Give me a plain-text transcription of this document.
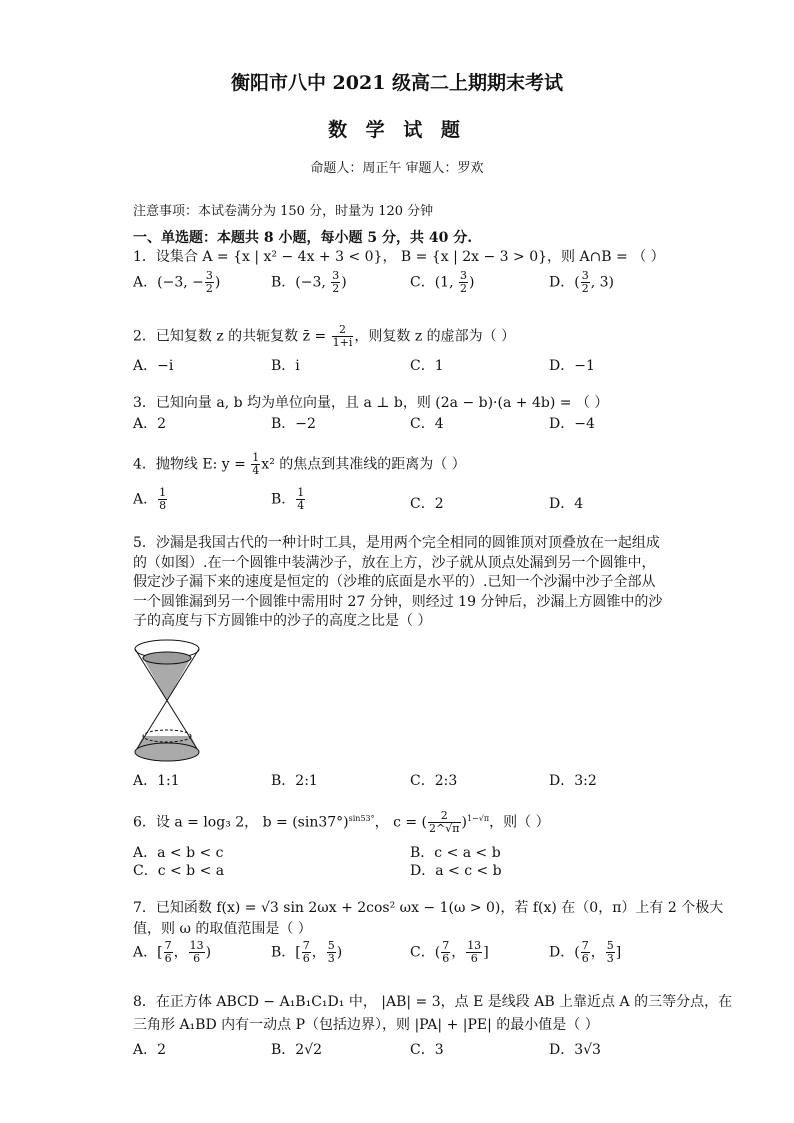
衡阳市八中 2021 级高二上期期末考试
数 学 试 题
命题人：周正午 审题人：罗欢
注意事项：本试卷满分为 150 分，时量为 120 分钟
一、单选题：本题共 8 小题，每小题 5 分，共 40 分.
1．设集合 A = {x | x² − 4x + 3 < 0}， B = {x | 2x − 3 > 0}，则 A∩B = （ ）
A．(−3, − $\frac{3}{2}$ )	B．(−3, $\frac{3}{2}$ )	C．(1, $\frac{3}{2}$ )	D．( $\frac{3}{2}$ , 3)
2．已知复数 z 的共轭复数 z̄ = $\frac{2}{1+i}$ ，则复数 z 的虚部为（ ）
A．−i	B．i	C．1	D．−1
3．已知向量 a, b 均为单位向量，且 a ⊥ b，则 (2a − b)·(a + 4b) = （ ）
A．2	B．−2	C．4	D．−4
4．抛物线 E: $y = \frac{1}{4} x^2$ 的焦点到其准线的距离为（ ）
A． $\frac{1}{8}$	B． $\frac{1}{4}$	C．2	D．4
5．沙漏是我国古代的一种计时工具，是用两个完全相同的圆锥顶对顶叠放在一起组成的（如图）.在一个圆锥中装满沙子，放在上方，沙子就从顶点处漏到另一个圆锥中，假定沙子漏下来的速度是恒定的（沙堆的底面是水平的）.已知一个沙漏中沙子全部从一个圆锥漏到另一个圆锥中需用时 27 分钟，则经过 19 分钟后，沙漏上方圆锥中的沙子的高度与下方圆锥中的沙子的高度之比是（ ）
A．1:1	B．2:1	C．2:3	D．3:2
6．设 a = log₃ 2， $b = (\sin 37^\circ)^{sin53^\circ}$， c = ( $\frac{2}{2\^{}√\pi} )^{1-√\pi}$，则（ ）
A．a < b < c	B．c < a < b
C．c < b < a	D．a < c < b
7．已知函数 f(x) = √3 sin 2ωx + 2cos² ωx − 1(ω > 0)，若 f(x) 在（0，π）上有 2 个极大
值，则 ω 的取值范围是（ ）
A．[ $\frac{7}{6}$ ， $\frac{13}{6}$ )	B．[ $\frac{7}{6}$ ， $\frac{5}{3}$ )	C．( $\frac{7}{6}$ ， $\frac{13}{6}$ ]	D．( $\frac{7}{6}$ ， $\frac{5}{3}$ ]
8．在正方体 ABCD − A₁B₁C₁D₁ 中， |AB| = 3，点 E 是线段 AB 上靠近点 A 的三等分点，在
三角形 A₁BD 内有一动点 P（包括边界），则 |PA| + |PE| 的最小值是（ ）
A．2	B．2√2	C．3	D．3√3
